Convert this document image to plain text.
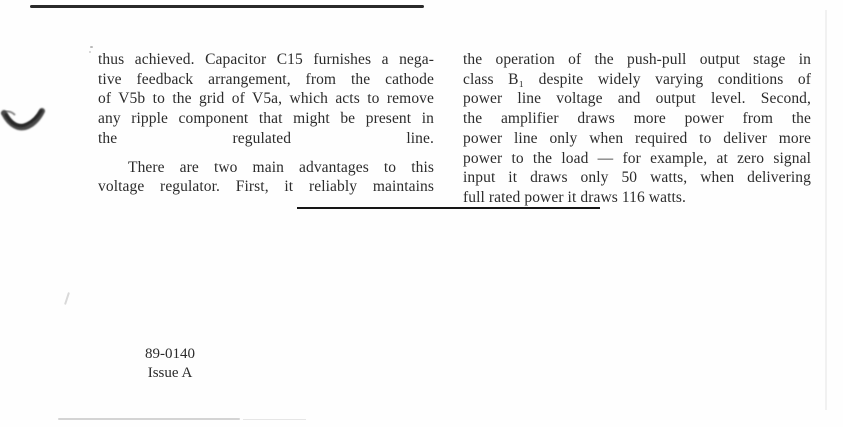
thus achieved. Capacitor C15 furnishes a nega-
tive feedback arrangement, from the cathode
of V5b to the grid of V5a, which acts to remove
any ripple component that might be present in
the regulated line.
There are two main advantages to this
voltage regulator. First, it reliably maintains
the operation of the push-pull output stage in
class B₁ despite widely varying conditions of
power line voltage and output level. Second,
the amplifier draws more power from the
power line only when required to deliver more
power to the load — for example, at zero signal
input it draws only 50 watts, when delivering
full rated power it draws 116 watts.
89-0140
Issue A
